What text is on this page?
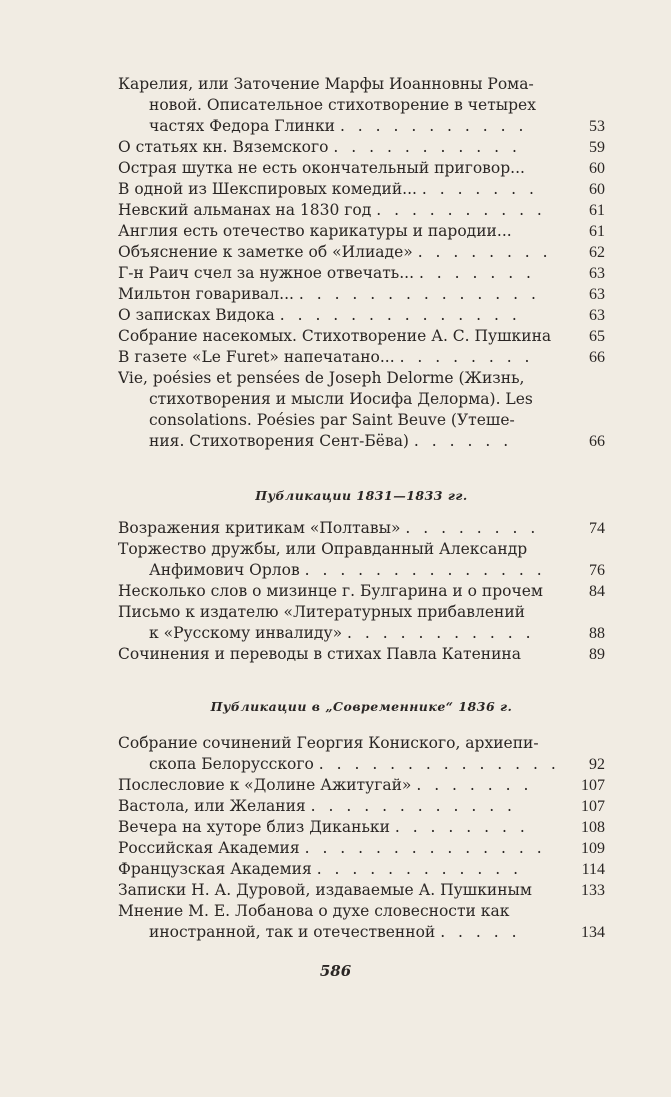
Карелия, или Заточение Марфы Иоанновны Рома-
новой. Описательное стихотворение в четырех
частях Федора Глинки . . . . . . . . . . .	53
О статьях кн. Вяземского . . . . . . . . . . .	59
Острая шутка не есть окончательный приговор...	60
В одной из Шекспировых комедий... . . . . . . .	60
Невский альманах на 1830 год . . . . . . . . . .	61
Англия есть отечество карикатуры и пародии...	61
Объяснение к заметке об «Илиаде» . . . . . . . .	62
Г-н Раич счел за нужное отвечать... . . . . . . .	63
Мильтон говаривал... . . . . . . . . . . . . . .	63
О записках Видока . . . . . . . . . . . . . .	63
Собрание насекомых. Стихотворение А. С. Пушкина	65
В газете «Le Furet» напечатано... . . . . . . . .	66
Vie, poésies et pensées de Joseph Delorme (Жизнь,
стихотворения и мысли Иосифа Делорма). Les
consolations. Poésies par Saint Beuve (Утеше-
ния. Стихотворения Сент-Бёва) . . . . . .	66
Публикации 1831—1833 гг.
Возражения критикам «Полтавы» . . . . . . . .	74
Торжество дружбы, или Оправданный Александр
Анфимович Орлов . . . . . . . . . . . . . .	76
Несколько слов о мизинце г. Булгарина и о прочем	84
Письмо к издателю «Литературных прибавлений
к «Русскому инвалиду» . . . . . . . . . . .	88
Сочинения и переводы в стихах Павла Катенина	89
Публикации в „Современнике“ 1836 г.
Собрание сочинений Георгия Кониского, архиепи-
скопа Белорусского . . . . . . . . . . . . . .	92
Послесловие к «Долине Ажитугай» . . . . . . .	107
Вастола, или Желания . . . . . . . . . . . .	107
Вечера на хуторе близ Диканьки . . . . . . . .	108
Российская Академия . . . . . . . . . . . . . .	109
Французская Академия . . . . . . . . . . . .	114
Записки Н. А. Дуровой, издаваемые А. Пушкиным	133
Мнение М. Е. Лобанова о духе словесности как
иностранной, так и отечественной . . . . .	134
586
